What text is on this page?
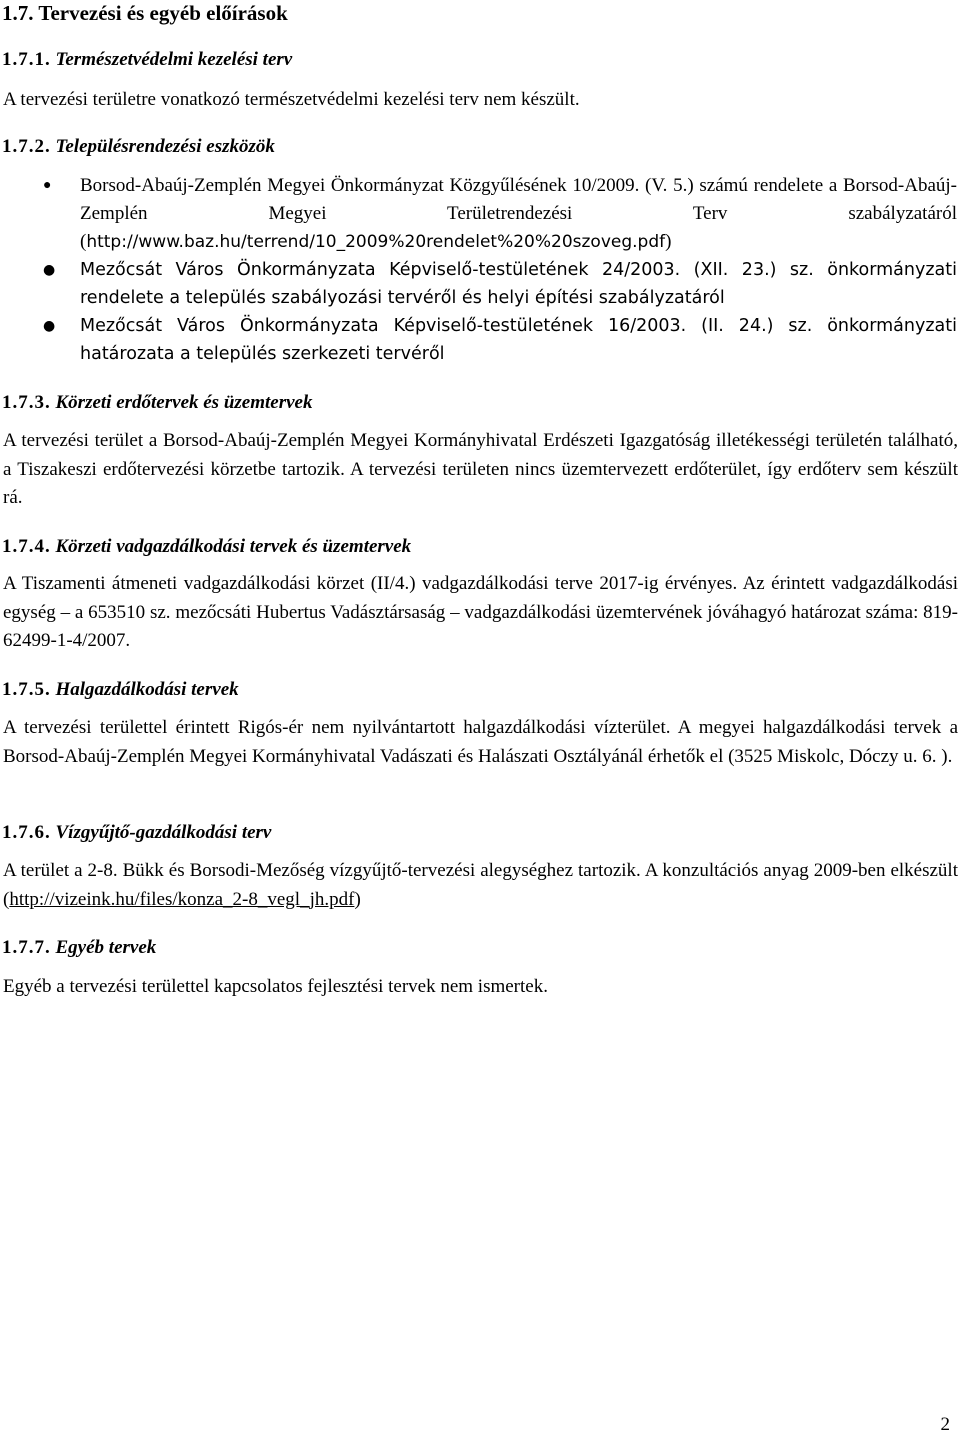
1.7. Tervezési és egyéb előírások
1.7.1. Természetvédelmi kezelési terv

A tervezési területre vonatkozó természetvédelmi kezelési terv nem készült.

1.7.2. Településrendezési eszközök
● Borsod-Abaúj-Zemplén Megyei Önkormányzat Közgyűlésének 10/2009. (V. 5.) számú rendelete a Borsod-Abaúj-Zemplén Megyei Területrendezési Terv szabályzatáról (http://www.baz.hu/terrend/10_2009%20rendelet%20%20szoveg.pdf)
● Mezőcsát Város Önkormányzata Képviselő-testületének 24/2003. (XII. 23.) sz. önkormányzati rendelete a település szabályozási tervéről és helyi építési szabályzatáról
● Mezőcsát Város Önkormányzata Képviselő-testületének 16/2003. (II. 24.) sz. önkormányzati határozata a település szerkezeti tervéről
1.7.3. Körzeti erdőtervek és üzemtervek

A tervezési terület a Borsod-Abaúj-Zemplén Megyei Kormányhivatal Erdészeti Igazgatóság illetékességi területén található, a Tiszakeszi erdőtervezési körzetbe tartozik. A tervezési területen nincs üzemtervezett erdőterület, így erdőterv sem készült rá.

1.7.4. Körzeti vadgazdálkodási tervek és üzemtervek

A Tiszamenti átmeneti vadgazdálkodási körzet (II/4.) vadgazdálkodási terve 2017-ig érvényes. Az érintett vadgazdálkodási egység – a 653510 sz. mezőcsáti Hubertus Vadásztársaság – vadgazdálkodási üzemtervének jóváhagyó határozat száma: 819-62499-1-4/2007.

1.7.5. Halgazdálkodási tervek

A tervezési területtel érintett Rigós-ér nem nyilvántartott halgazdálkodási vízterület. A megyei halgazdálkodási tervek a Borsod-Abaúj-Zemplén Megyei Kormányhivatal Vadászati és Halászati Osztályánál érhetők el (3525 Miskolc, Dóczy u. 6. ).

1.7.6. Vízgyűjtő-gazdálkodási terv

A terület a 2-8. Bükk és Borsodi-Mezőség vízgyűjtő-tervezési alegységhez tartozik. A konzultációs anyag 2009-ben elkészült (http://vizeink.hu/files/konza_2-8_vegl_jh.pdf)

1.7.7. Egyéb tervek

Egyéb a tervezési területtel kapcsolatos fejlesztési tervek nem ismertek.

2
